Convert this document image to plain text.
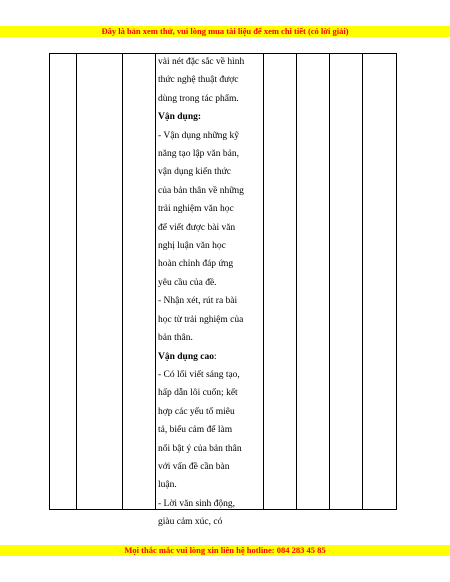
Đây là bản xem thử, vui lòng mua tài liệu để xem chi tiết (có lời giải)

vài nét đặc sắc về hình

thức nghệ thuật được

dùng trong tác phẩm.

Vận dụng:

- Vận dụng những kỹ

năng tạo lập văn bản,

vận dụng kiến thức

của bản thân về những

trải nghiệm văn học

để viết được bài văn

nghị luận văn học

hoàn chỉnh đáp ứng

yêu cầu của đề.

- Nhận xét, rút ra bài

học từ trải nghiệm của

bản thân.

Vận dụng cao:

- Có lối viết sáng tạo,

hấp dẫn lôi cuốn; kết

hợp các yếu tố miêu

tả, biểu cảm để làm

nổi bật ý của bản thân

với vấn đề cần bàn

luận.

- Lời văn sinh động,

giàu cảm xúc, có

Mọi thắc mắc vui lòng xin liên hệ hotline: 084 283 45 85
